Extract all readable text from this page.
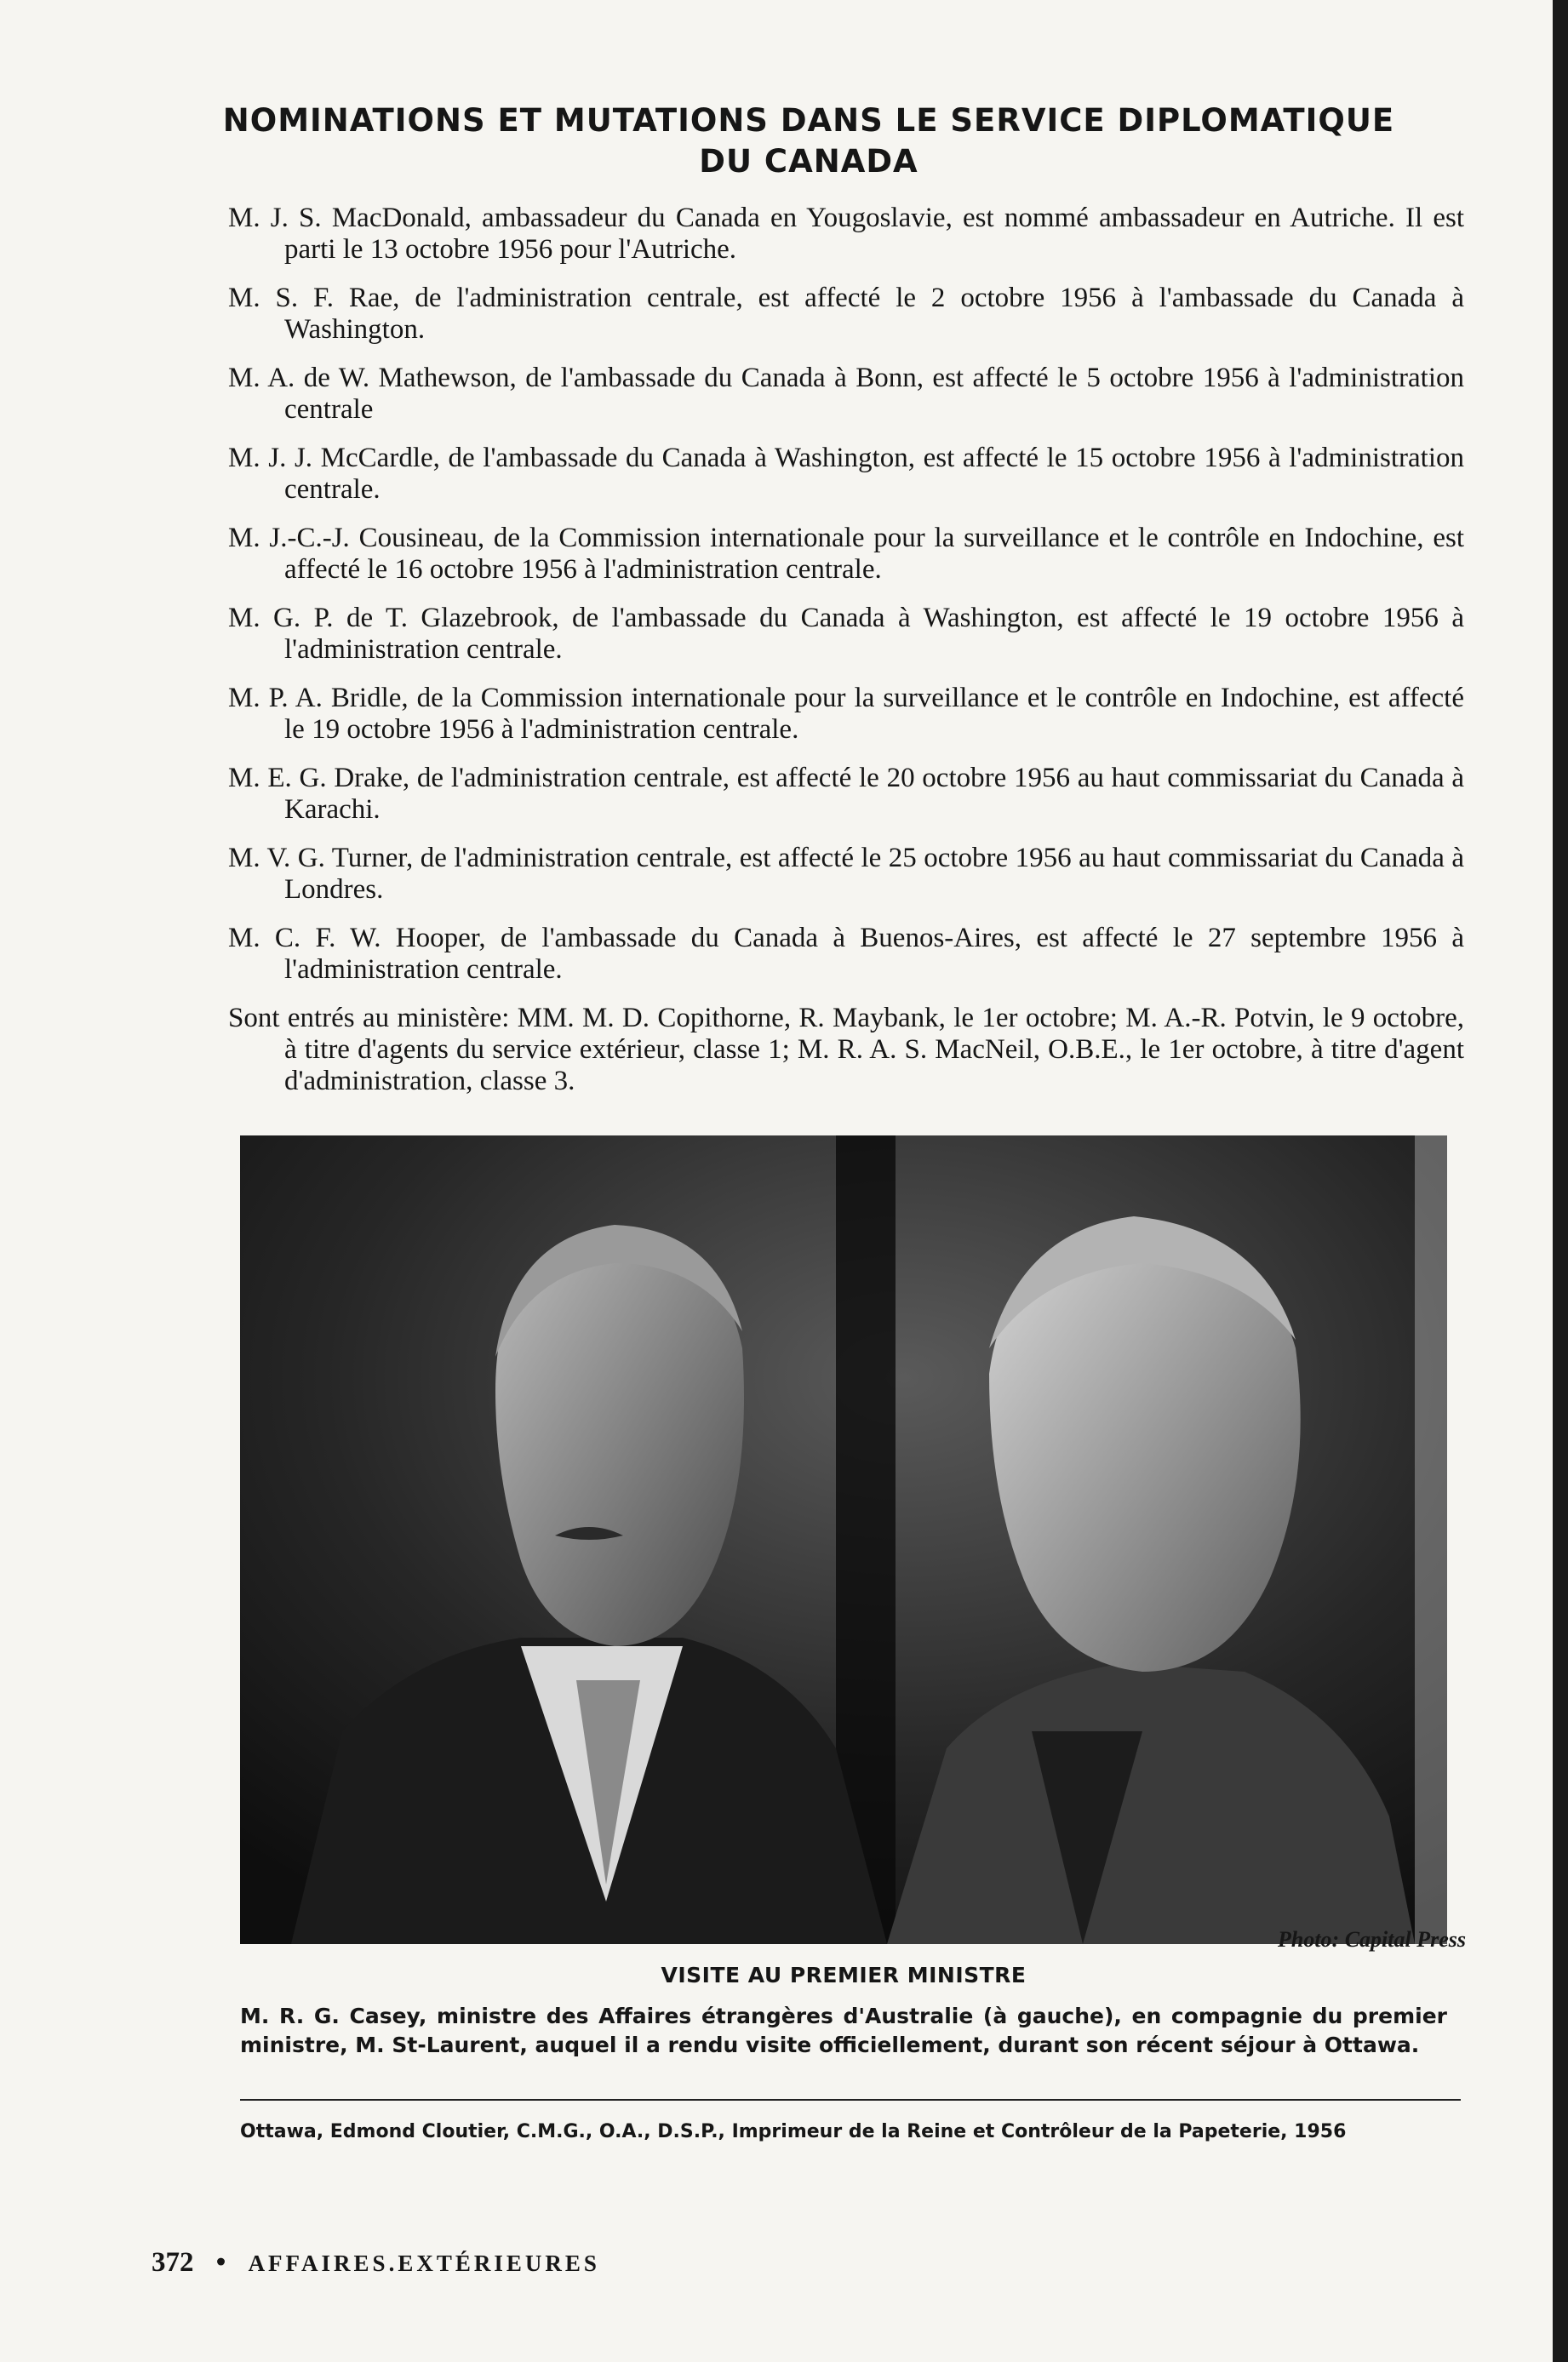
NOMINATIONS ET MUTATIONS DANS LE SERVICE DIPLOMATIQUE
DU CANADA

M. J. S. MacDonald, ambassadeur du Canada en Yougoslavie, est nommé ambassadeur en Autriche. Il est parti le 13 octobre 1956 pour l'Autriche.

M. S. F. Rae, de l'administration centrale, est affecté le 2 octobre 1956 à l'ambassade du Canada à Washington.

M. A. de W. Mathewson, de l'ambassade du Canada à Bonn, est affecté le 5 octobre 1956 à l'administration centrale

M. J. J. McCardle, de l'ambassade du Canada à Washington, est affecté le 15 octobre 1956 à l'administration centrale.

M. J.-C.-J. Cousineau, de la Commission internationale pour la surveillance et le contrôle en Indochine, est affecté le 16 octobre 1956 à l'administration centrale.

M. G. P. de T. Glazebrook, de l'ambassade du Canada à Washington, est affecté le 19 octobre 1956 à l'administration centrale.

M. P. A. Bridle, de la Commission internationale pour la surveillance et le contrôle en Indochine, est affecté le 19 octobre 1956 à l'administration centrale.

M. E. G. Drake, de l'administration centrale, est affecté le 20 octobre 1956 au haut commissariat du Canada à Karachi.

M. V. G. Turner, de l'administration centrale, est affecté le 25 octobre 1956 au haut commissariat du Canada à Londres.

M. C. F. W. Hooper, de l'ambassade du Canada à Buenos-Aires, est affecté le 27 septembre 1956 à l'administration centrale.

Sont entrés au ministère: MM. M. D. Copithorne, R. Maybank, le 1er octobre; M. A.-R. Potvin, le 9 octobre, à titre d'agents du service extérieur, classe 1; M. R. A. S. MacNeil, O.B.E., le 1er octobre, à titre d'agent d'administration, classe 3.

Photo: Capital Press
VISITE AU PREMIER MINISTRE
M. R. G. Casey, ministre des Affaires étrangères d'Australie (à gauche), en compagnie du premier ministre, M. St-Laurent, auquel il a rendu visite officiellement, durant son récent séjour à Ottawa.
Ottawa, Edmond Cloutier, C.M.G., O.A., D.S.P., Imprimeur de la Reine et Contrôleur de la Papeterie, 1956
372 • AFFAIRES.EXTÉRIEURES
